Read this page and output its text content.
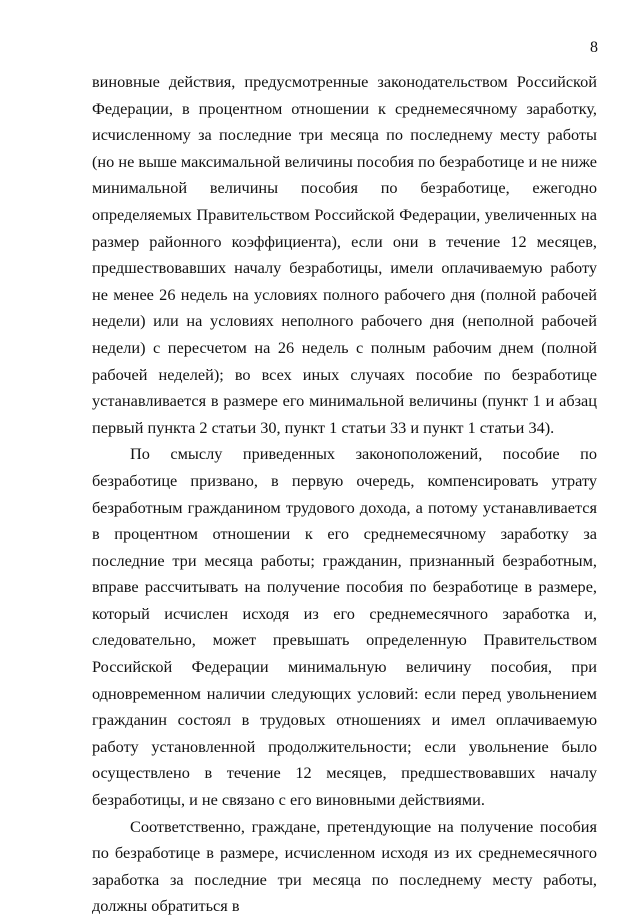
8

виновные действия, предусмотренные законодательством Российской Федерации, в процентном отношении к среднемесячному заработку, исчисленному за последние три месяца по последнему месту работы (но не выше максимальной величины пособия по безработице и не ниже минимальной величины пособия по безработице, ежегодно определяемых Правительством Российской Федерации, увеличенных на размер районного коэффициента), если они в течение 12 месяцев, предшествовавших началу безработицы, имели оплачиваемую работу не менее 26 недель на условиях полного рабочего дня (полной рабочей недели) или на условиях неполного рабочего дня (неполной рабочей недели) с пересчетом на 26 недель с полным рабочим днем (полной рабочей неделей); во всех иных случаях пособие по безработице устанавливается в размере его минимальной величины (пункт 1 и абзац первый пункта 2 статьи 30, пункт 1 статьи 33 и пункт 1 статьи 34).

По смыслу приведенных законоположений, пособие по безработице призвано, в первую очередь, компенсировать утрату безработным гражданином трудового дохода, а потому устанавливается в процентном отношении к его среднемесячному заработку за последние три месяца работы; гражданин, признанный безработным, вправе рассчитывать на получение пособия по безработице в размере, который исчислен исходя из его среднемесячного заработка и, следовательно, может превышать определенную Правительством Российской Федерации минимальную величину пособия, при одновременном наличии следующих условий: если перед увольнением гражданин состоял в трудовых отношениях и имел оплачиваемую работу установленной продолжительности; если увольнение было осуществлено в течение 12 месяцев, предшествовавших началу безработицы, и не связано с его виновными действиями.

Соответственно, граждане, претендующие на получение пособия по безработице в размере, исчисленном исходя из их среднемесячного заработка за последние три месяца по последнему месту работы, должны обратиться в
